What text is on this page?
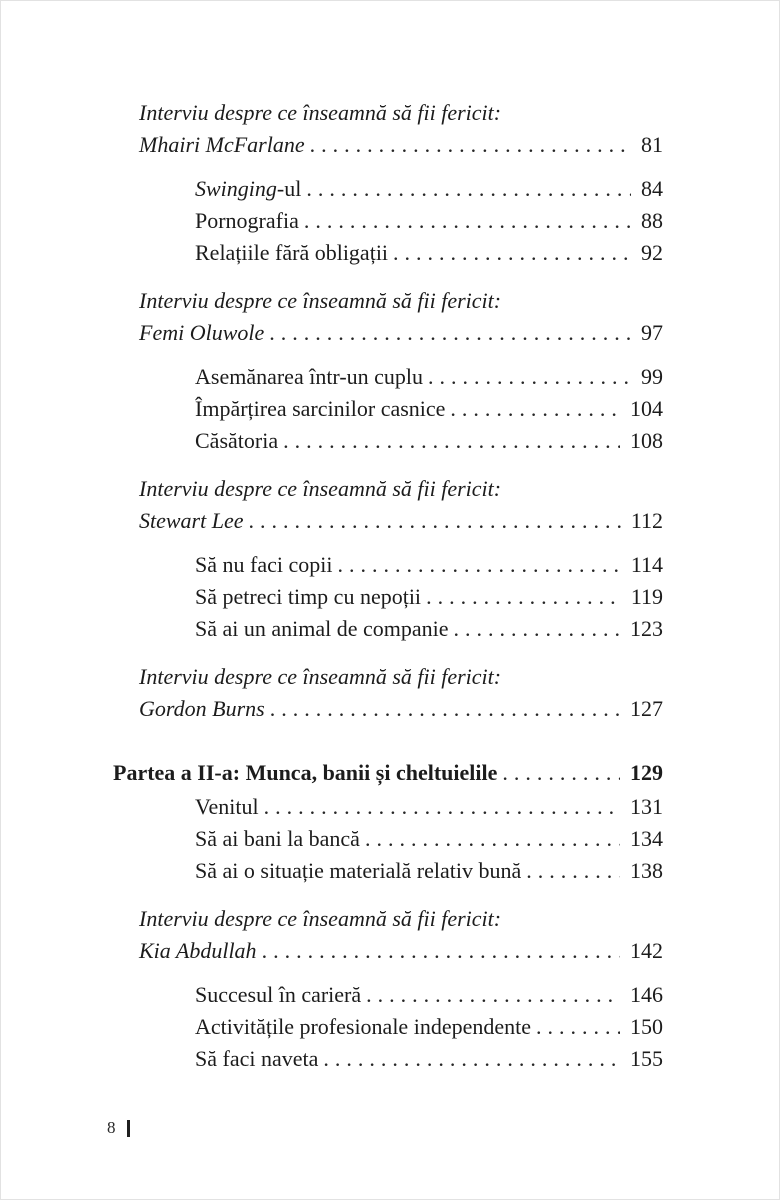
Interviu despre ce înseamnă să fii fericit:
Mhairi McFarlane .....	81
Swinging-ul .....	84
Pornografia .....	88
Relațiile fără obligații .....	92
Interviu despre ce înseamnă să fii fericit:
Femi Oluwole .....	97
Asemănarea într-un cuplu .....	99
Împărțirea sarcinilor casnice .....	104
Căsătoria .....	108
Interviu despre ce înseamnă să fii fericit:
Stewart Lee .....	112
Să nu faci copii .....	114
Să petreci timp cu nepoții .....	119
Să ai un animal de companie .....	123
Interviu despre ce înseamnă să fii fericit:
Gordon Burns .....	127
Partea a II-a: Munca, banii și cheltuielile .....	129
Venitul .....	131
Să ai bani la bancă .....	134
Să ai o situație materială relativ bună .....	138
Interviu despre ce înseamnă să fii fericit:
Kia Abdullah .....	142
Succesul în carieră .....	146
Activitățile profesionale independente .....	150
Să faci naveta .....	155
8
